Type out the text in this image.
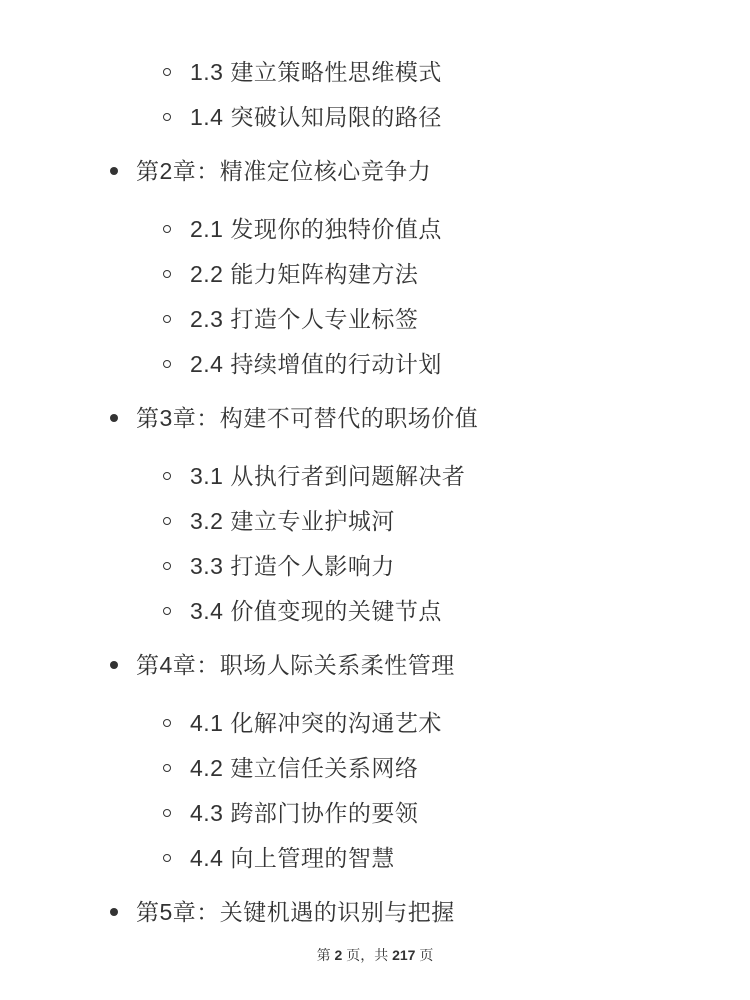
1.3 建立策略性思维模式
1.4 突破认知局限的路径
第2章：精准定位核心竞争力
2.1 发现你的独特价值点
2.2 能力矩阵构建方法
2.3 打造个人专业标签
2.4 持续增值的行动计划
第3章：构建不可替代的职场价值
3.1 从执行者到问题解决者
3.2 建立专业护城河
3.3 打造个人影响力
3.4 价值变现的关键节点
第4章：职场人际关系柔性管理
4.1 化解冲突的沟通艺术
4.2 建立信任关系网络
4.3 跨部门协作的要领
4.4 向上管理的智慧
第5章：关键机遇的识别与把握
第 2 页，共 217 页
